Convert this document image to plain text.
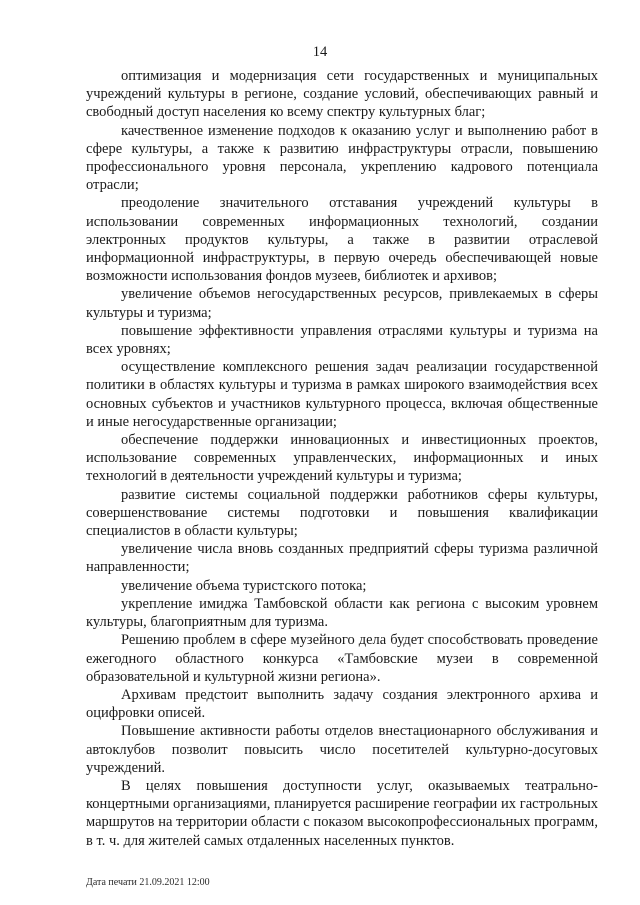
14

оптимизация и модернизация сети государственных и муниципальных учреждений культуры в регионе, создание условий, обеспечивающих равный и свободный доступ населения ко всему спектру культурных благ;

качественное изменение подходов к оказанию услуг и выполнению работ в сфере культуры, а также к развитию инфраструктуры отрасли, повышению профессионального уровня персонала, укреплению кадрового потенциала отрасли;

преодоление значительного отставания учреждений культуры в использовании современных информационных технологий, создании электронных продуктов культуры, а также в развитии отраслевой информационной инфраструктуры, в первую очередь обеспечивающей новые возможности использования фондов музеев, библиотек и архивов;

увеличение объемов негосударственных ресурсов, привлекаемых в сферы культуры и туризма;

повышение эффективности управления отраслями культуры и туризма на всех уровнях;

осуществление комплексного решения задач реализации государственной политики в областях культуры и туризма в рамках широкого взаимодействия всех основных субъектов и участников культурного процесса, включая общественные и иные негосударственные организации;

обеспечение поддержки инновационных и инвестиционных проектов, использование современных управленческих, информационных и иных технологий в деятельности учреждений культуры и туризма;

развитие системы социальной поддержки работников сферы культуры, совершенствование системы подготовки и повышения квалификации специалистов в области культуры;

увеличение числа вновь созданных предприятий сферы туризма различной направленности;

увеличение объема туристского потока;

укрепление имиджа Тамбовской области как региона с высоким уровнем культуры, благоприятным для туризма.

Решению проблем в сфере музейного дела будет способствовать проведение ежегодного областного конкурса «Тамбовские музеи в современной образовательной и культурной жизни региона».

Архивам предстоит выполнить задачу создания электронного архива и оцифровки описей.

Повышение активности работы отделов внестационарного обслуживания и автоклубов позволит повысить число посетителей культурно-досуговых учреждений.

В целях повышения доступности услуг, оказываемых театрально-концертными организациями, планируется расширение географии их гастрольных маршрутов на территории области с показом высокопрофессиональных программ, в т. ч. для жителей самых отдаленных населенных пунктов.

Дата печати 21.09.2021 12:00
